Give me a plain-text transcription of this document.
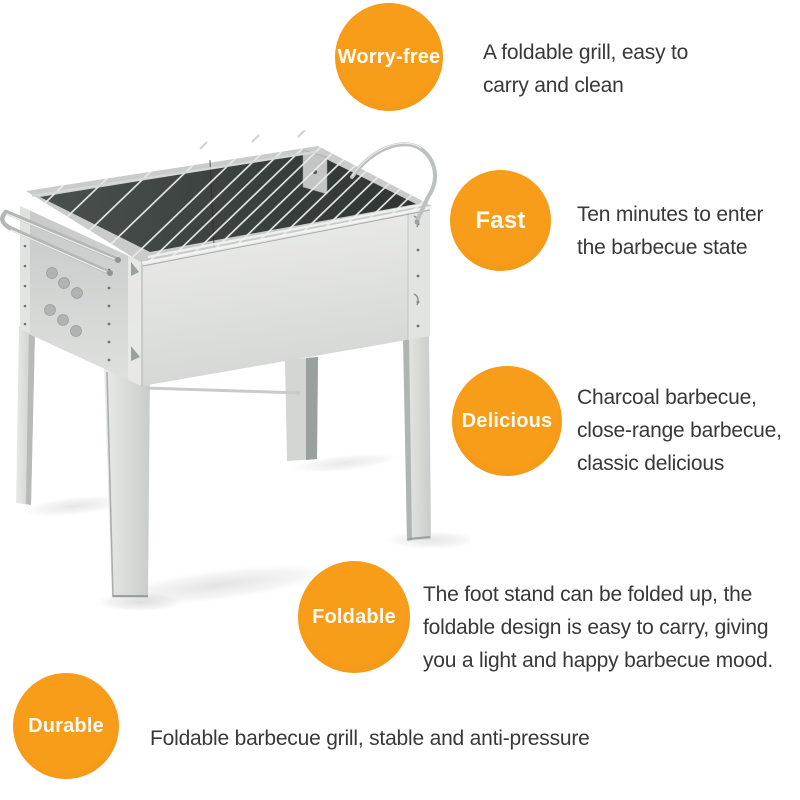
Worry-free A foldable grill, easy to
carry and clean
Fast Ten minutes to enter
the barbecue state
Delicious
Charcoal barbecue,
close-range barbecue,
classic delicious
Foldable
The foot stand can be folded up, the
foldable design is easy to carry, giving
you a light and happy barbecue mood.
Durable
Foldable barbecue grill, stable and anti-pressure
